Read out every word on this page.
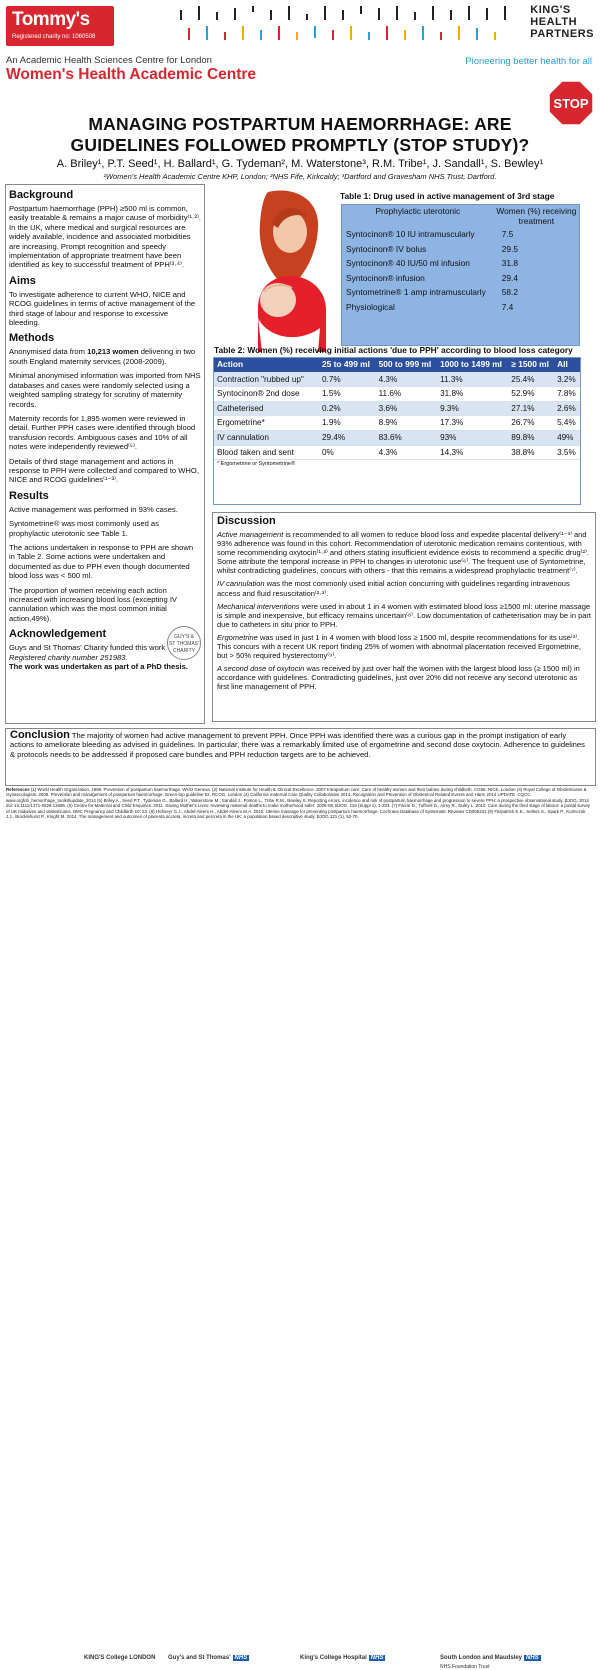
Tommy's
Registered charity no: 1060508
KING'S
HEALTH
PARTNERS
An Academic Health Sciences Centre for London
Women's Health Academic Centre
Pioneering better health for all
STOP
MANAGING POSTPARTUM HAEMORRHAGE: ARE
GUIDELINES FOLLOWED PROMPTLY (STOP STUDY)?
A. Briley¹, P.T. Seed¹, H. Ballard¹, G. Tydeman², M. Waterstone³, R.M. Tribe¹, J. Sandall¹, S. Bewley¹
¹Women's Health Academic Centre KHP, London; ²NHS Fife, Kirkcaldy; ³Dartford and Gravesham NHS Trust, Dartford.
Background
Postpartum haemorrhage (PPH) ≥500 ml is common, easily treatable & remains a major cause of morbidity⁽¹·²⁾. In the UK, where medical and surgical resources are widely available, incidence and associated morbidities are increasing. Prompt recognition and speedy implementation of appropriate treatment have been identified as key to successful treatment of PPH⁽³·⁴⁾.
Aims
To investigate adherence to current WHO, NICE and RCOG guidelines in terms of active management of the third stage of labour and response to excessive bleeding.
Methods
Anonymised data from 10,213 women delivering in two south England maternity services (2008-2009).
Minimal anonymised information was imported from NHS databases and cases were randomly selected using a weighted sampling strategy for scrutiny of maternity records.
Maternity records for 1,895 women were reviewed in detail. Further PPH cases were identified through blood transfusion records. Ambiguous cases and 10% of all notes were independently reviewed⁽⁵⁾.
Details of third stage management and actions in response to PPH were collected and compared to WHO, NICE and RCOG guidelines⁽¹⁻³⁾.
Results
Active management was performed in 93% cases.
Syntometrine® was most commonly used as prophylactic uterotonic see Table 1.
The actions undertaken in response to PPH are shown in Table 2. Some actions were undertaken and documented as due to PPH even though documented blood loss was < 500 ml.
The proportion of women receiving each action increased with increasing blood loss (excepting IV cannulation which was the most common initial action,49%).
Acknowledgement	GUY'S &
ST THOMAS'
CHARITY
Guys and St Thomas' Charity funded this work
Registered charity number 251983.
The work was undertaken as part of a PhD thesis.
Table 1: Drug used in active management of 3rd stage
Prophylactic uterotonic	Women (%) receiving treatment
Syntocinon® 10 IU intramuscularly	7.5
Syntocinon® IV bolus	29.5
Syntocinon® 40 IU/50 ml infusion	31.8
Syntocinon® infusion	29.4
Syntometrine® 1 amp intramuscularly	58.2
Physiological	7.4
Table 2: Women (%) receiving initial actions 'due to PPH' according to blood loss category
Action	25 to 499 ml	500 to 999 ml	1000 to 1499 ml	≥ 1500 ml	All
Contraction "rubbed up"	0.7%	4.3%	11.3%	25.4%	3.2%
Syntocinon® 2nd dose	1.5%	11.6%	31.8%	52.9%	7.8%
Catheterised	0.2%	3.6%	9.3%	27.1%	2.6%
Ergometrine*	1.9%	8.9%	17.3%	26.7%	5.4%
IV cannulation	29.4%	83.6%	93%	89.8%	49%
Blood taken and sent	0%	4.3%	14.3%	38.8%	3.5%
* Ergometrine or Syntometrine®					
Discussion
Active management is recommended to all women to reduce blood loss and expedite placental delivery⁽¹⁻³⁾ and 93% adherence was found in this cohort. Recommendation of uterotonic medication remains contentious, with some recommending oxytocin⁽¹·³⁾ and others stating insufficient evidence exists to recommend a specific drug⁽²⁾. Some attribute the temporal increase in PPH to changes in uterotonic use⁽⁶⁾. The frequent use of Syntometrine, whilst contradicting guidelines, concurs with others - that this remains a widespread prophylactic treatment⁽⁷⁾.
IV cannulation was the most commonly used initial action concurring with guidelines regarding intravenous access and fluid resuscitation⁽²·³⁾.
Mechanical interventions were used in about 1 in 4 women with estimated blood loss ≥1500 ml: uterine massage is simple and inexpensive, but efficacy remains uncertain⁽⁸⁾. Low documentation of catheterisation may be in part due to catheters in situ prior to PPH.
Ergometrine was used in just 1 in 4 women with blood loss ≥ 1500 ml, despite recommendations for its use⁽³⁾. This concurs with a recent UK report finding 25% of women with abnormal placentation received Ergometrine, but > 50% required hysterectomy⁽⁹⁾.
A second dose of oxytocin was received by just over half the women with the largest blood loss (≥ 1500 ml) in accordance with guidelines. Contradicting guidelines, just over 20% did not receive any second uterotonic as first line management of PPH.
Conclusion The majority of women had active management to prevent PPH. Once PPH was identified there was a curious gap in the prompt instigation of early actions to ameliorate bleeding as advised in guidelines. In particular, there was a remarkably limited use of ergometrine and second dose oxytocin. Adherence to guidelines & protocols needs to be addressed if proposed care bundles and PPH reduction targets are to be achieved.
References (1) World Health Organization. 1989. Prevention of postpartum haemorrhage. WHO Geneva. (2) National Institute for Health & Clinical Excellence. 2007 Intrapartum care: Care of healthy women and their babies during childbirth. CG55. NICE, London (3) Royal College of Obstetricians & Gynaecologists. 2009. Prevention and management of postpartum haemorrhage. Green-top guideline 52. RCOG, London (4) California maternal Care Quality Collaborative 2014. Recognition and Prevention of Obstetrical Related Events and Harm 2014 UPDATE. CQCC. www.orgfob_hemorrhage_toolkit/update_2014 (5) Briley A., Seed P.T., Tydeman G., Ballard H., Waterstone M., Sandall J., Poston L., Tribe R.M., Bewley S. Reporting errors, incidence and risk of postpartum haemorrhage and progression to severe PPH: a prospective observational study. BJOG, 2014 doi: 10.1111/1471-0528.12686. (6) Centre for Maternal and Child Enquiries. 2011. Saving Mother's Lives: reviewing maternal deaths to make motherhood safer: 2006-08. BJOG. 118 (Suppl 1), 1-203. (7) Farrar D., Tuffnell D., Airey R., Duley L. 2010. Care during the third stage of labour: a postal survey of UK midwives and obstetricians. BMC Pregnancy and Childbirth 10: 23. (8) Hofmeyr G.J., Abdel-Aleem H., Abdel-Aleem M.A. 2010. Uterine massage for preventing postpartum haemorrhage. Cochrane Database of Systematic Reviews CD006431 (9) Fitzpatrick K.E., Sellers S., Spark P., Kurinczuk J.J., Brocklehurst P., Knight M. 2014. The management and outcomes of placenta accreta, increta and percreta in the UK: a population based descriptive study. BJOG 121 (1), 62-70.
KING'S College LONDON Guy's and St Thomas' NHS	King's College Hospital NHS	South London and Maudsley NHS
NHS Foundation Trust
